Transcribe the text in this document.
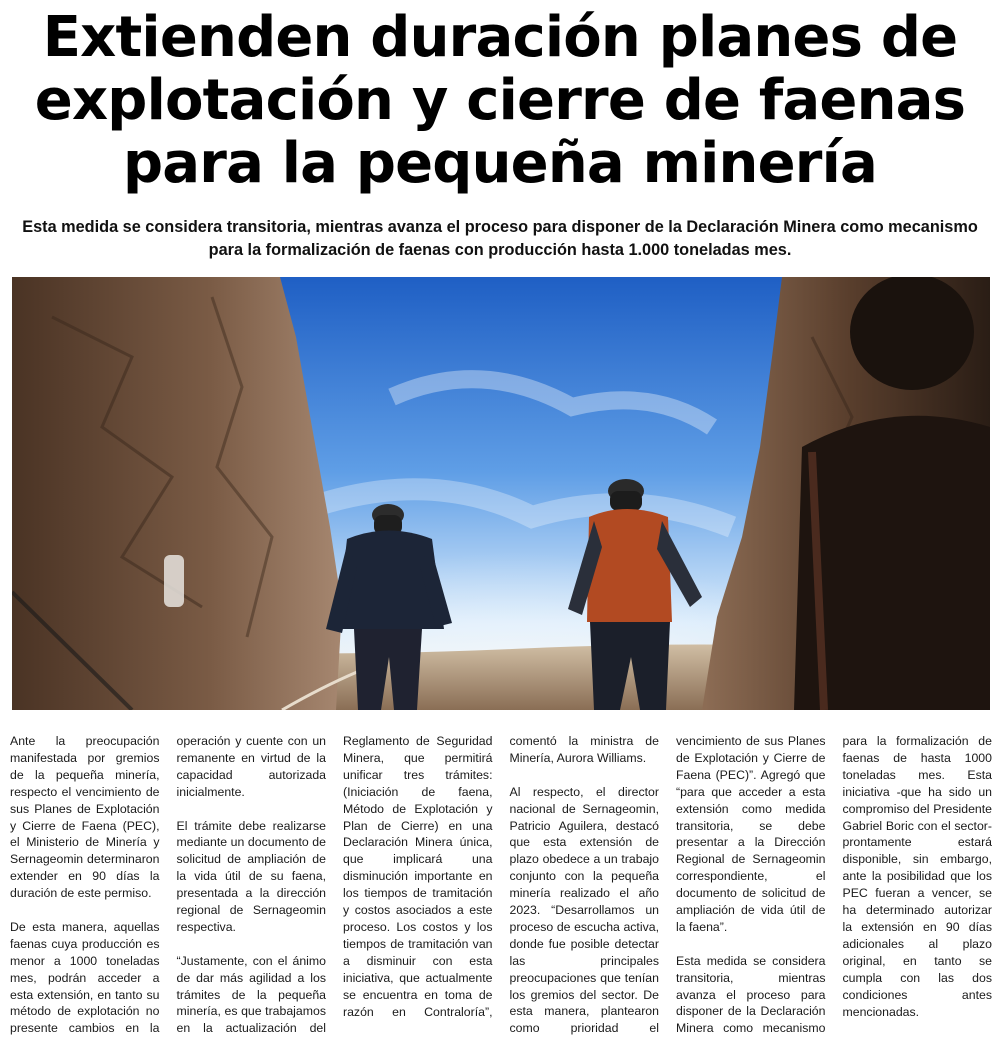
Extienden duración planes de
explotación y cierre de faenas
para la pequeña minería

Esta medida se considera transitoria, mientras avanza el proceso para disponer de la Declaración Minera como mecanismo
para la formalización de faenas con producción hasta 1.000 toneladas mes.

Ante la preocupación manifestada por gremios de la pequeña minería, respecto el vencimiento de sus Planes de Explotación y Cierre de Faena (PEC), el Ministerio de Minería y Sernageomin determinaron extender en 90 días la duración de este permiso.

De esta manera, aquellas faenas cuya producción es menor a 1000 toneladas mes, podrán acceder a esta extensión, en tanto su método de explotación no presente cambios en la operación y cuente con un remanente en virtud de la capacidad autorizada inicialmente.

El trámite debe realizarse mediante un documento de solicitud de ampliación de la vida útil de su faena, presentada a la dirección regional de Sernageomin respectiva.

“Justamente, con el ánimo de dar más agilidad a los trámites de la pequeña minería, es que trabajamos en la actualización del Reglamento de Seguridad Minera, que permitirá unificar tres trámites: (Iniciación de faena, Método de Explotación y Plan de Cierre) en una Declaración Minera única, que implicará una disminución importante en los tiempos de tramitación y costos asociados a este proceso. Los costos y los tiempos de tramitación van a disminuir con esta iniciativa, que actualmente se encuentra en toma de razón en Contraloría”, comentó la ministra de Minería, Aurora Williams.

Al respecto, el director nacional de Sernageomin, Patricio Aguilera, destacó que esta extensión de plazo obedece a un trabajo conjunto con la pequeña minería realizado el año 2023. “Desarrollamos un proceso de escucha activa, donde fue posible detectar las principales preocupaciones que tenían los gremios del sector. De esta manera, plantearon como prioridad el vencimiento de sus Planes de Explotación y Cierre de Faena (PEC)”. Agregó que “para que acceder a esta extensión como medida transitoria, se debe presentar a la Dirección Regional de Sernageomin correspondiente, el documento de solicitud de ampliación de vida útil de la faena”.

Esta medida se considera transitoria, mientras avanza el proceso para disponer de la Declaración Minera como mecanismo para la formalización de faenas de hasta 1000 toneladas mes. Esta iniciativa -que ha sido un compromiso del Presidente Gabriel Boric con el sector- prontamente estará disponible, sin embargo, ante la posibilidad que los PEC fueran a vencer, se ha determinado autorizar la extensión en 90 días adicionales al plazo original, en tanto se cumpla con las dos condiciones antes mencionadas.
